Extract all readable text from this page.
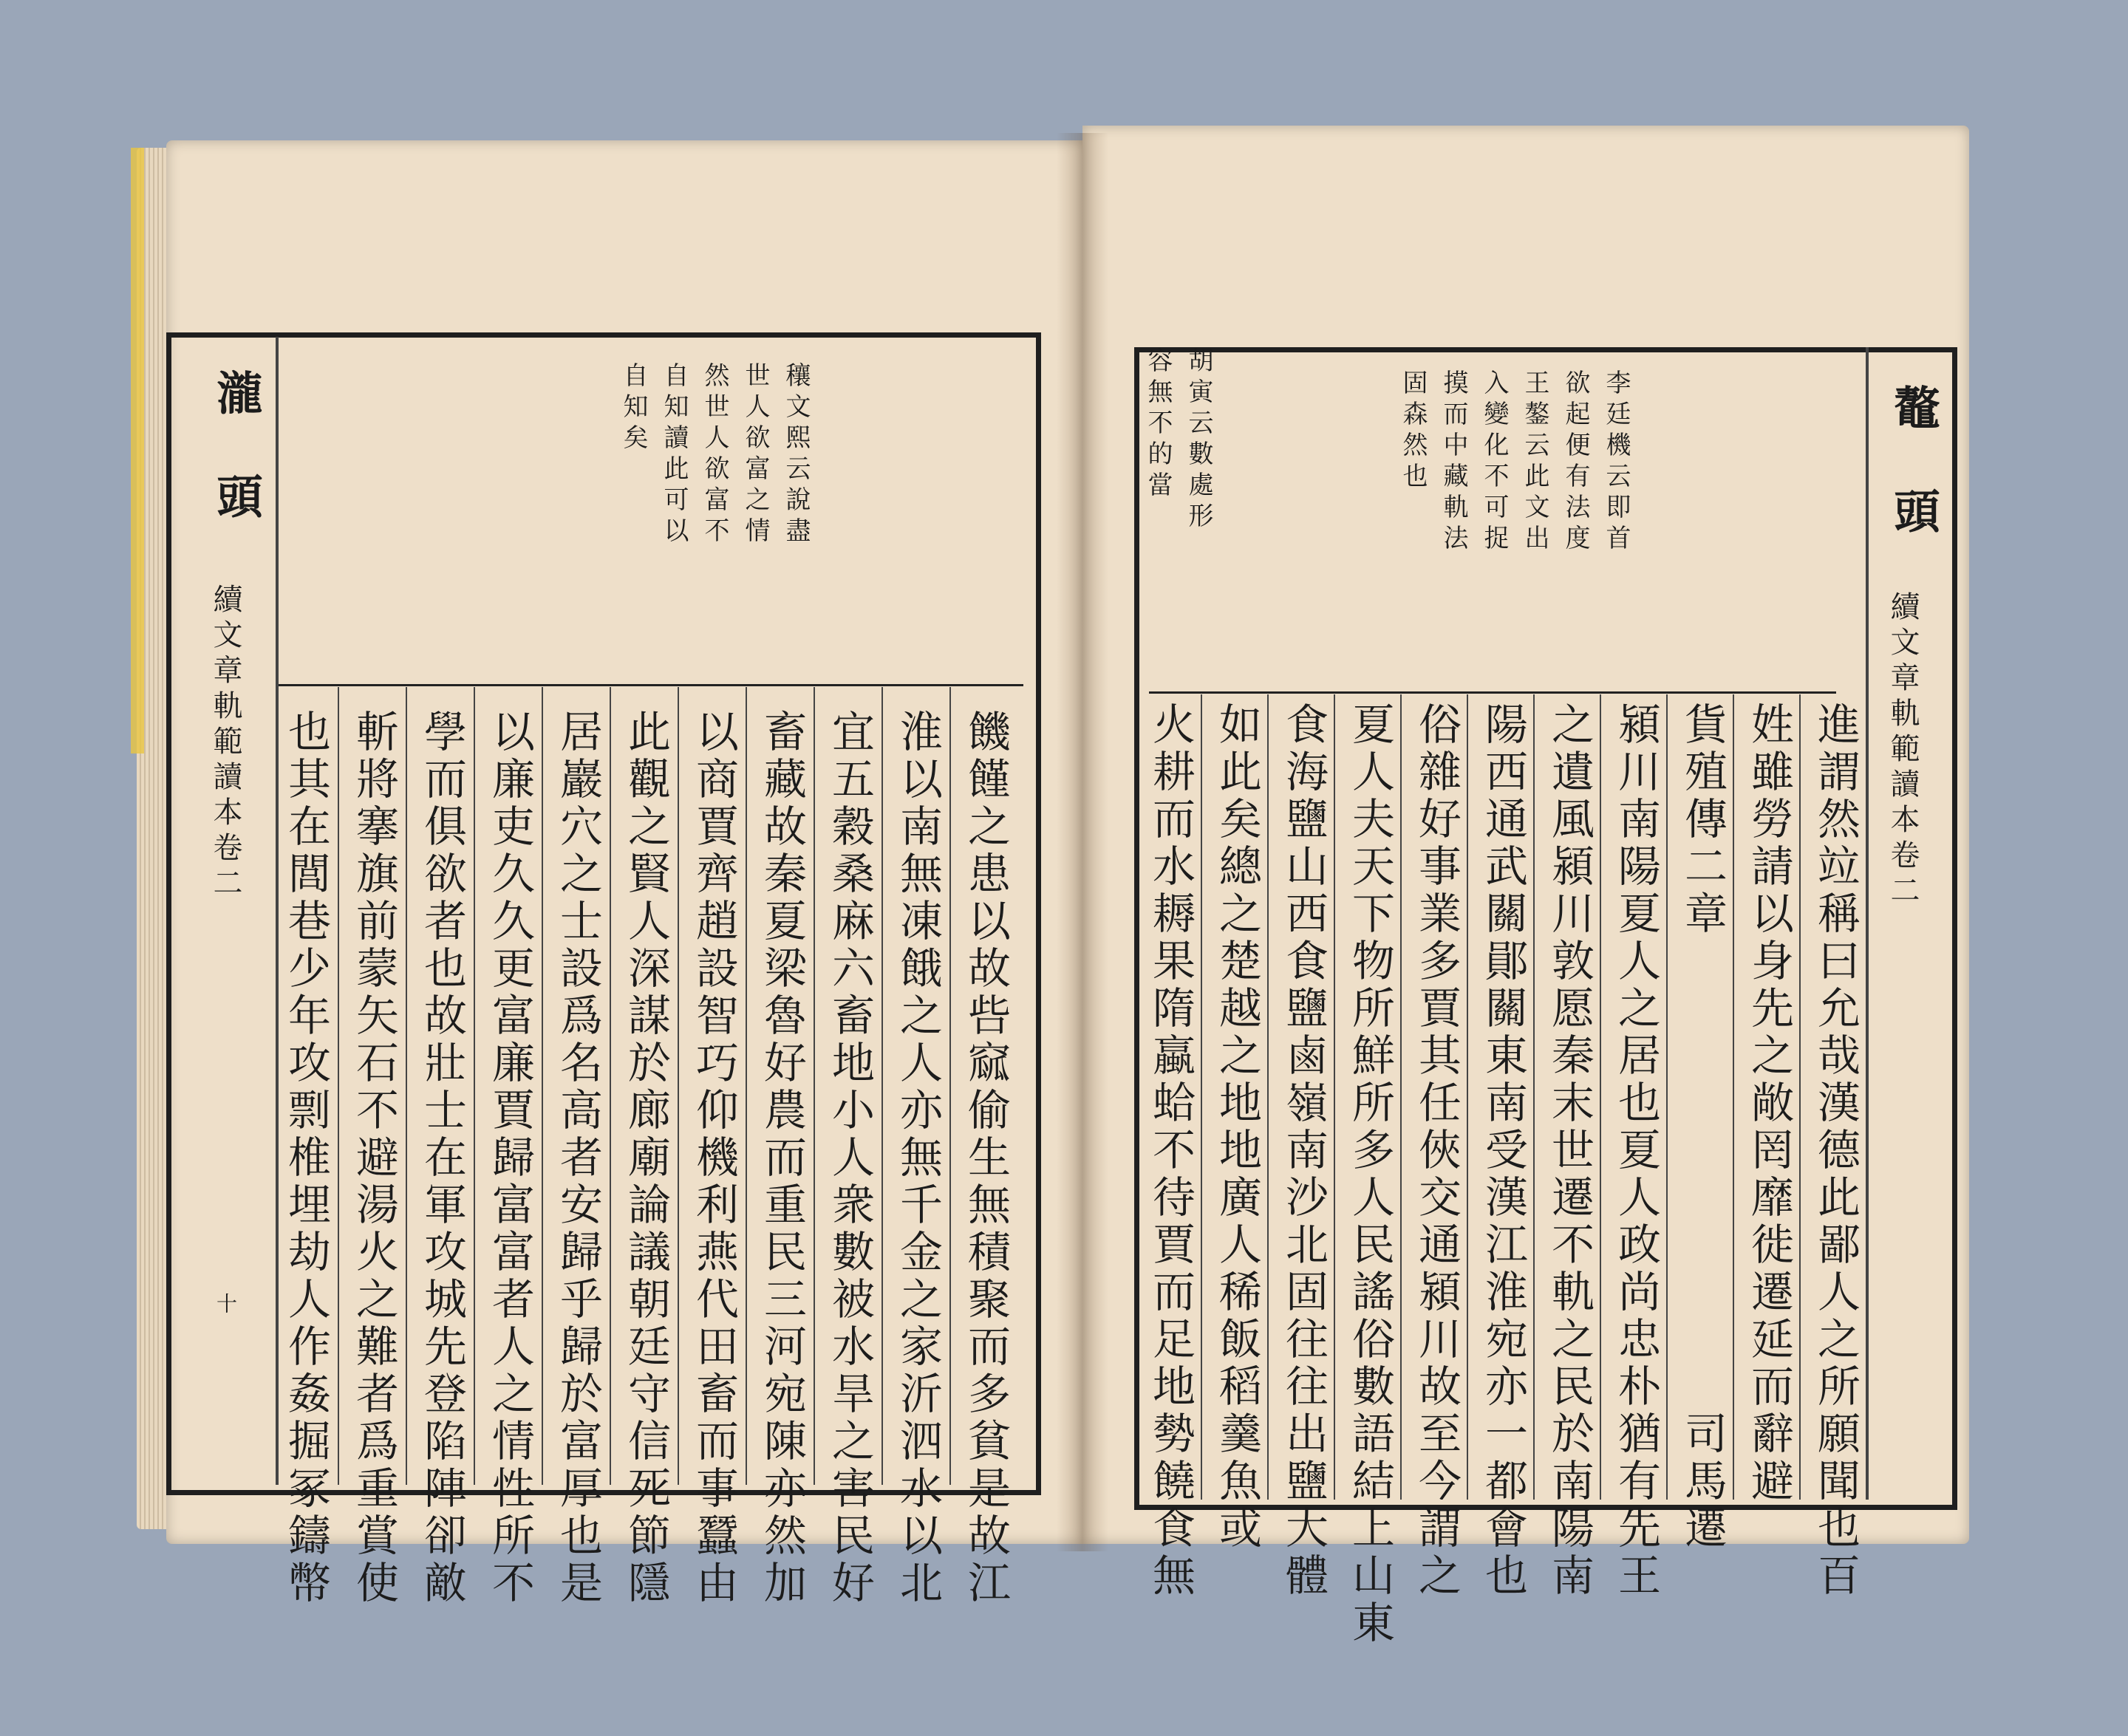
瀧
頭
續文章軌範讀本卷二
十
穰文熙云說盡
世人欲富之情
然世人欲富不
自知讀此可以
自知矣
饑饉之患以故呰窳偷生無積聚而多貧是故江
淮以南無凍餓之人亦無千金之家沂泗水以北
宜五穀桑麻六畜地小人衆數被水旱之害民好
畜藏故秦夏梁魯好農而重民三河宛陳亦然加
以商賈齊趙設智巧仰機利燕代田畜而事蠶由
此觀之賢人深謀於廊廟論議朝廷守信死節隱
居巖穴之士設爲名高者安歸乎歸於富厚也是
以廉吏久久更富廉賈歸富富者人之情性所不
學而俱欲者也故壯士在軍攻城先登陷陣卻敵
斬將搴旗前蒙矢石不避湯火之難者爲重賞使
也其在閭巷少年攻剽椎埋劫人作姦掘冢鑄幣
鼇
頭
續文章軌範讀本卷二
李廷機云即首
欲起便有法度
王鏊云此文出
入變化不可捉
摸而中藏軌法
固森然也
胡寅云數處形
容無不的當
進謂然竝稱曰允哉漢德此鄙人之所願聞也百
姓雖勞請以身先之敞罔靡徙遷延而辭避
貨殖傳二章　　　　　　　　　　司馬遷
潁川南陽夏人之居也夏人政尚忠朴猶有先王
之遺風潁川敦愿秦末世遷不軌之民於南陽南
陽西通武關鄖關東南受漢江淮宛亦一都會也
俗雜好事業多賈其任俠交通潁川故至今謂之
夏人夫天下物所鮮所多人民謠俗數語結上山東
食海鹽山西食鹽鹵嶺南沙北固往往出鹽大體
如此矣總之楚越之地地廣人稀飯稻羹魚或
火耕而水耨果隋蠃蛤不待賈而足地勢饒食無
